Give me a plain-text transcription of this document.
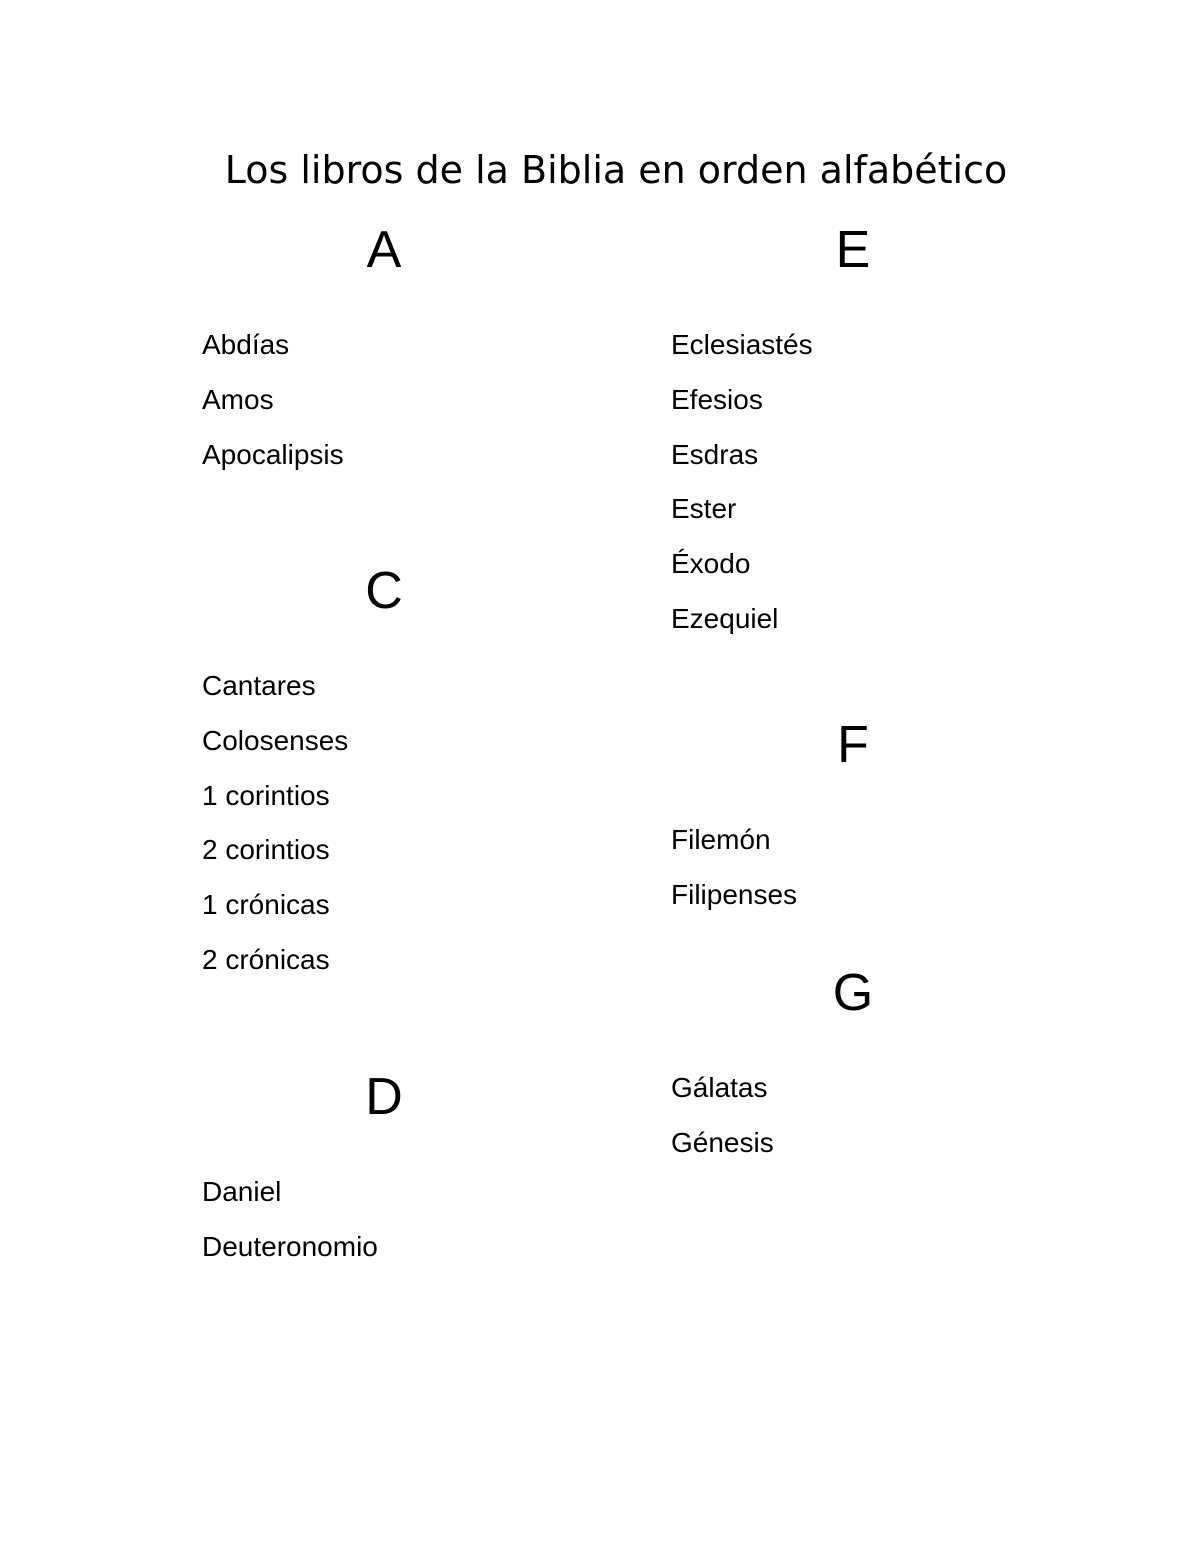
Los libros de la Biblia en orden alfabético
A
Abdías
Amos
Apocalipsis
C
Cantares
Colosenses
1 corintios
2 corintios
1 crónicas
2 crónicas
D
Daniel
Deuteronomio
E
Eclesiastés
Efesios
Esdras
Ester
Éxodo
Ezequiel
F
Filemón
Filipenses
G
Gálatas
Génesis
